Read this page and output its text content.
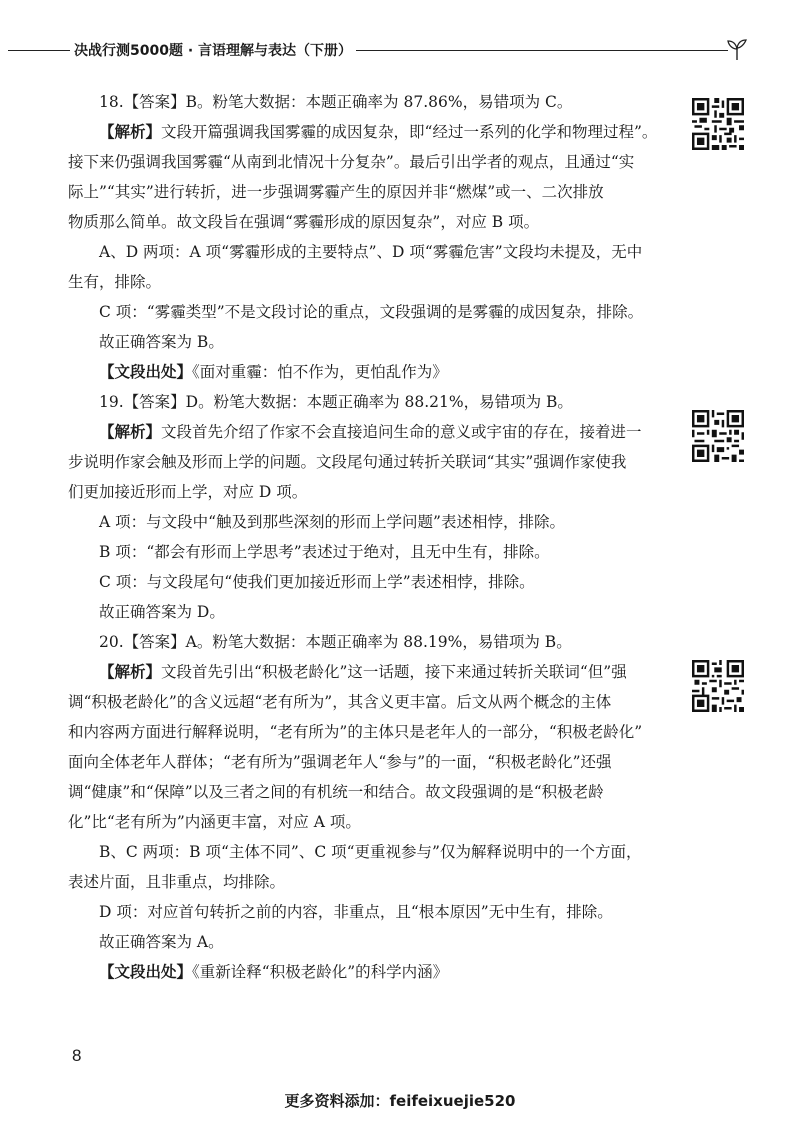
决战行测5000题 · 言语理解与表达（下册）
18.【答案】B。粉笔大数据：本题正确率为 87.86%，易错项为 C。
【解析】文段开篇强调我国雾霾的成因复杂，即“经过一系列的化学和物理过程”。
接下来仍强调我国雾霾“从南到北情况十分复杂”。最后引出学者的观点，且通过“实
际上”“其实”进行转折，进一步强调雾霾产生的原因并非“燃煤”或一、二次排放
物质那么简单。故文段旨在强调“雾霾形成的原因复杂”，对应 B 项。
A、D 两项：A 项“雾霾形成的主要特点”、D 项“雾霾危害”文段均未提及，无中
生有，排除。
C 项：“雾霾类型”不是文段讨论的重点，文段强调的是雾霾的成因复杂，排除。
故正确答案为 B。
【文段出处】《面对重霾：怕不作为，更怕乱作为》
19.【答案】D。粉笔大数据：本题正确率为 88.21%，易错项为 B。
【解析】文段首先介绍了作家不会直接追问生命的意义或宇宙的存在，接着进一
步说明作家会触及形而上学的问题。文段尾句通过转折关联词“其实”强调作家使我
们更加接近形而上学，对应 D 项。
A 项：与文段中“触及到那些深刻的形而上学问题”表述相悖，排除。
B 项：“都会有形而上学思考”表述过于绝对，且无中生有，排除。
C 项：与文段尾句“使我们更加接近形而上学”表述相悖，排除。
故正确答案为 D。
20.【答案】A。粉笔大数据：本题正确率为 88.19%，易错项为 B。
【解析】文段首先引出“积极老龄化”这一话题，接下来通过转折关联词“但”强
调“积极老龄化”的含义远超“老有所为”，其含义更丰富。后文从两个概念的主体
和内容两方面进行解释说明，“老有所为”的主体只是老年人的一部分，“积极老龄化”
面向全体老年人群体；“老有所为”强调老年人“参与”的一面，“积极老龄化”还强
调“健康”和“保障”以及三者之间的有机统一和结合。故文段强调的是“积极老龄
化”比“老有所为”内涵更丰富，对应 A 项。
B、C 两项：B 项“主体不同”、C 项“更重视参与”仅为解释说明中的一个方面，
表述片面，且非重点，均排除。
D 项：对应首句转折之前的内容，非重点，且“根本原因”无中生有，排除。
故正确答案为 A。
【文段出处】《重新诠释“积极老龄化”的科学内涵》
8
更多资料添加：feifeixuejie520
